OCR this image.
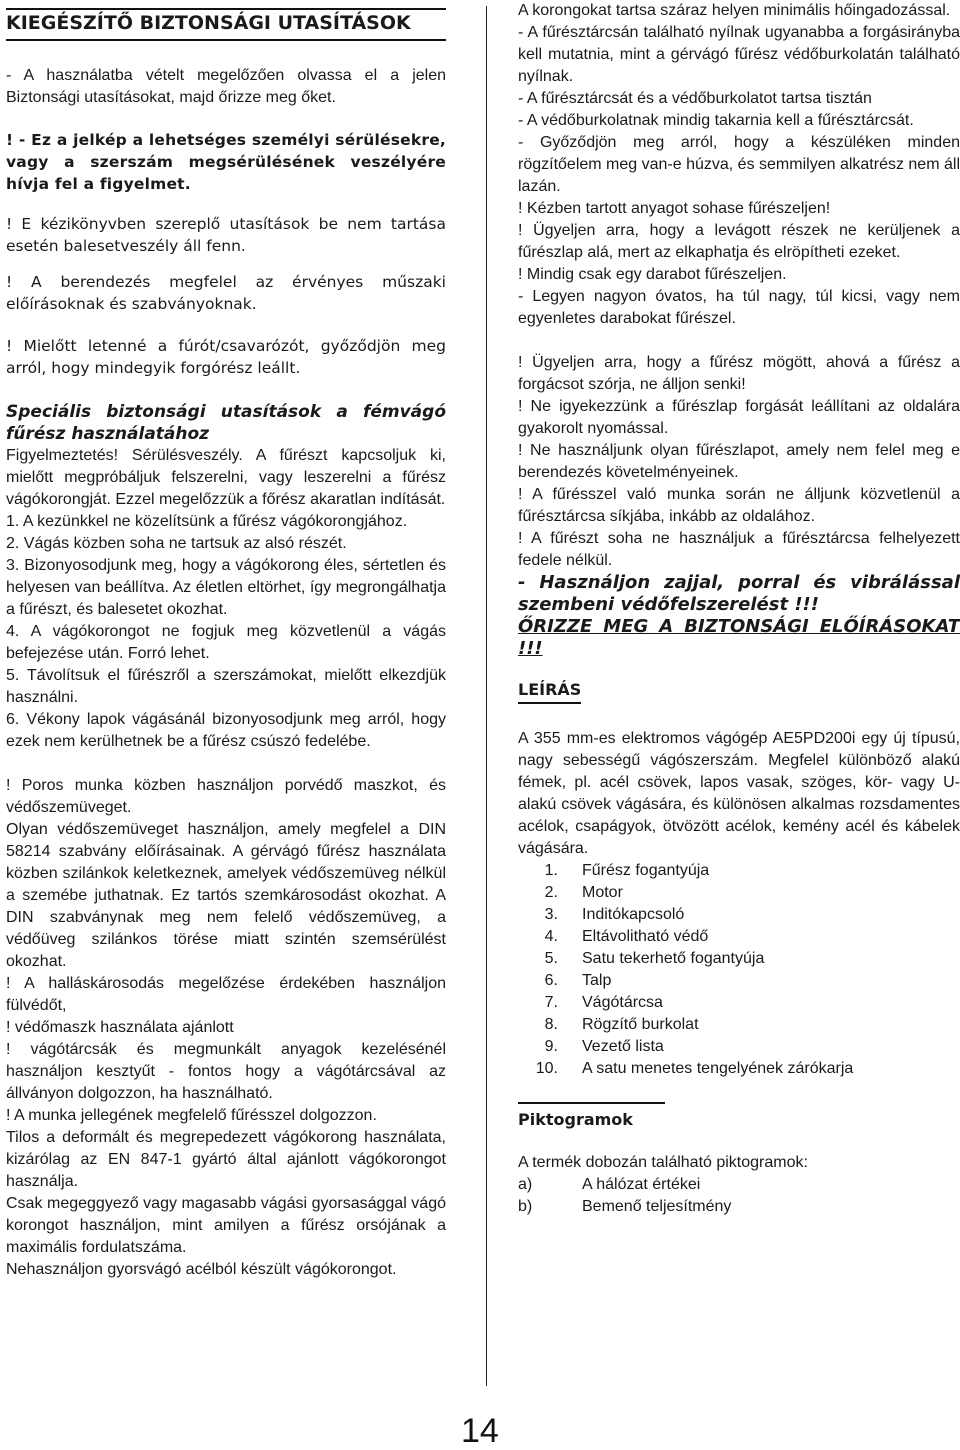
KIEGÉSZÍTŐ BIZTONSÁGI UTASÍTÁSOK

- A használatba vételt megelőzően olvassa el a jelen Biztonsági utasításokat, majd őrizze meg őket.

! - Ez a jelkép a lehetséges személyi sérülésekre, vagy a szerszám megsérülésének veszélyére hívja fel a figyelmet.

! E kézikönyvben szereplő utasítások be nem tartása esetén balesetveszély áll fenn.

! A berendezés megfelel az érvényes műszaki előírásoknak és szabványoknak.

! Mielőtt letenné a fúrót/csavarózót, győződjön meg arról, hogy mindegyik forgórész leállt.

Speciális biztonsági utasítások a fémvágó fűrész használatához

Figyelmeztetés! Sérülésveszély. A fűrészt kapcsoljuk ki, mielőtt megpróbáljuk felszerelni, vagy leszerelni a fűrész vágókorongját. Ezzel megelőzzük a főrész akaratlan indítását.

1. A kezünkkel ne közelítsünk a fűrész vágókorongjához.

2. Vágás közben soha ne tartsuk az alsó részét.

3. Bizonyosodjunk meg, hogy a vágókorong éles, sértetlen és helyesen van beállítva. Az életlen eltörhet, így megrongálhatja a fűrészt, és balesetet okozhat.

4. A vágókorongot ne fogjuk meg közvetlenül a vágás befejezése után. Forró lehet.

5. Távolítsuk el fűrészről a szerszámokat, mielőtt elkezdjük használni.

6. Vékony lapok vágásánál bizonyosodjunk meg arról, hogy ezek nem kerülhetnek be a fűrész csúszó fedelébe.

! Poros munka közben használjon porvédő maszkot, és védőszemüveget.

Olyan védőszemüveget használjon, amely megfelel a DIN 58214 szabvány előírásainak. A gérvágó fűrész használata közben szilánkok keletkeznek, amelyek védőszemüveg nélkül a szemébe juthatnak. Ez tartós szemkárosodást okozhat. A DIN szabványnak meg nem felelő védőszemüveg, a védőüveg szilánkos törése miatt szintén szemsérülést okozhat.

! A halláskárosodás megelőzése érdekében használjon fülvédőt,

! védőmaszk használata ajánlott

! vágótárcsák és megmunkált anyagok kezelésénél használjon kesztyűt - fontos hogy a vágótárcsával az állványon dolgozzon, ha használható.

! A munka jellegének megfelelő fűrésszel dolgozzon.

Tilos a deformált és megrepedezett vágókorong használata, kizárólag az EN 847-1 gyártó által ajánlott vágókorongot használja.

Csak megeggyező vagy magasabb vágási gyorsasággal vágó korongot használjon, mint amilyen a fűrész orsójának a maximális fordulatszáma.

Nehasználjon gyorsvágó acélból készült vágókorongot.

A korongokat tartsa száraz helyen minimális hőingadozással.

- A fűrésztárcsán található nyílnak ugyanabba a forgásirányba kell mutatnia, mint a gérvágó fűrész védőburkolatán található nyílnak.

- A fűrésztárcsát és a védőburkolatot tartsa tisztán

- A védőburkolatnak mindig takarnia kell a fűrésztárcsát.

- Győződjön meg arról, hogy a készüléken minden rögzítőelem meg van-e húzva, és semmilyen alkatrész nem áll lazán.

! Kézben tartott anyagot sohase fűrészeljen!

! Ügyeljen arra, hogy a levágott részek ne kerüljenek a fűrészlap alá, mert az elkaphatja és elröpítheti ezeket.

! Mindig csak egy darabot fűrészeljen.

- Legyen nagyon óvatos, ha túl nagy, túl kicsi, vagy nem egyenletes darabokat fűrészel.

! Ügyeljen arra, hogy a fűrész mögött, ahová a fűrész a forgácsot szórja, ne álljon senki!

! Ne igyekezzünk a fűrészlap forgását leállítani az oldalára gyakorolt nyomással.

! Ne használjunk olyan fűrészlapot, amely nem felel meg e berendezés követelményeinek.

! A fűrésszel való munka során ne álljunk közvetlenül a fűrésztárcsa síkjába, inkább az oldalához.

! A fűrészt soha ne használjuk a fűrésztárcsa felhelyezett fedele nélkül.

- Használjon zajjal, porral és vibrálással szembeni védőfelszerelést !!!

ŐRIZZE MEG A BIZTONSÁGI ELŐÍRÁSOKAT !!!

LEÍRÁS

A 355 mm-es elektromos vágógép AE5PD200i egy új típusú, nagy sebességű vágószerszám. Megfelel különböző alakú fémek, pl. acél csövek, lapos vasak, szöges, kör- vagy U-alakú csövek vágására, és különösen alkalmas rozsdamentes acélok, csapágyok, ötvözött acélok, kemény acél és kábelek vágására.

1.	Fűrész fogantyúja
2.	Motor
3.	Inditókapcsoló
4.	Eltávolitható védő
5.	Satu tekerhető fogantyúja
6.	Talp
7.	Vágótárcsa
8.	Rögzítő burkolat
9.	Vezető lista
10.	A satu menetes tengelyének zárókarja
Piktogramok

A termék dobozán található piktogramok:

a)	A hálózat értékei
b)	Bemenő teljesítmény
14
